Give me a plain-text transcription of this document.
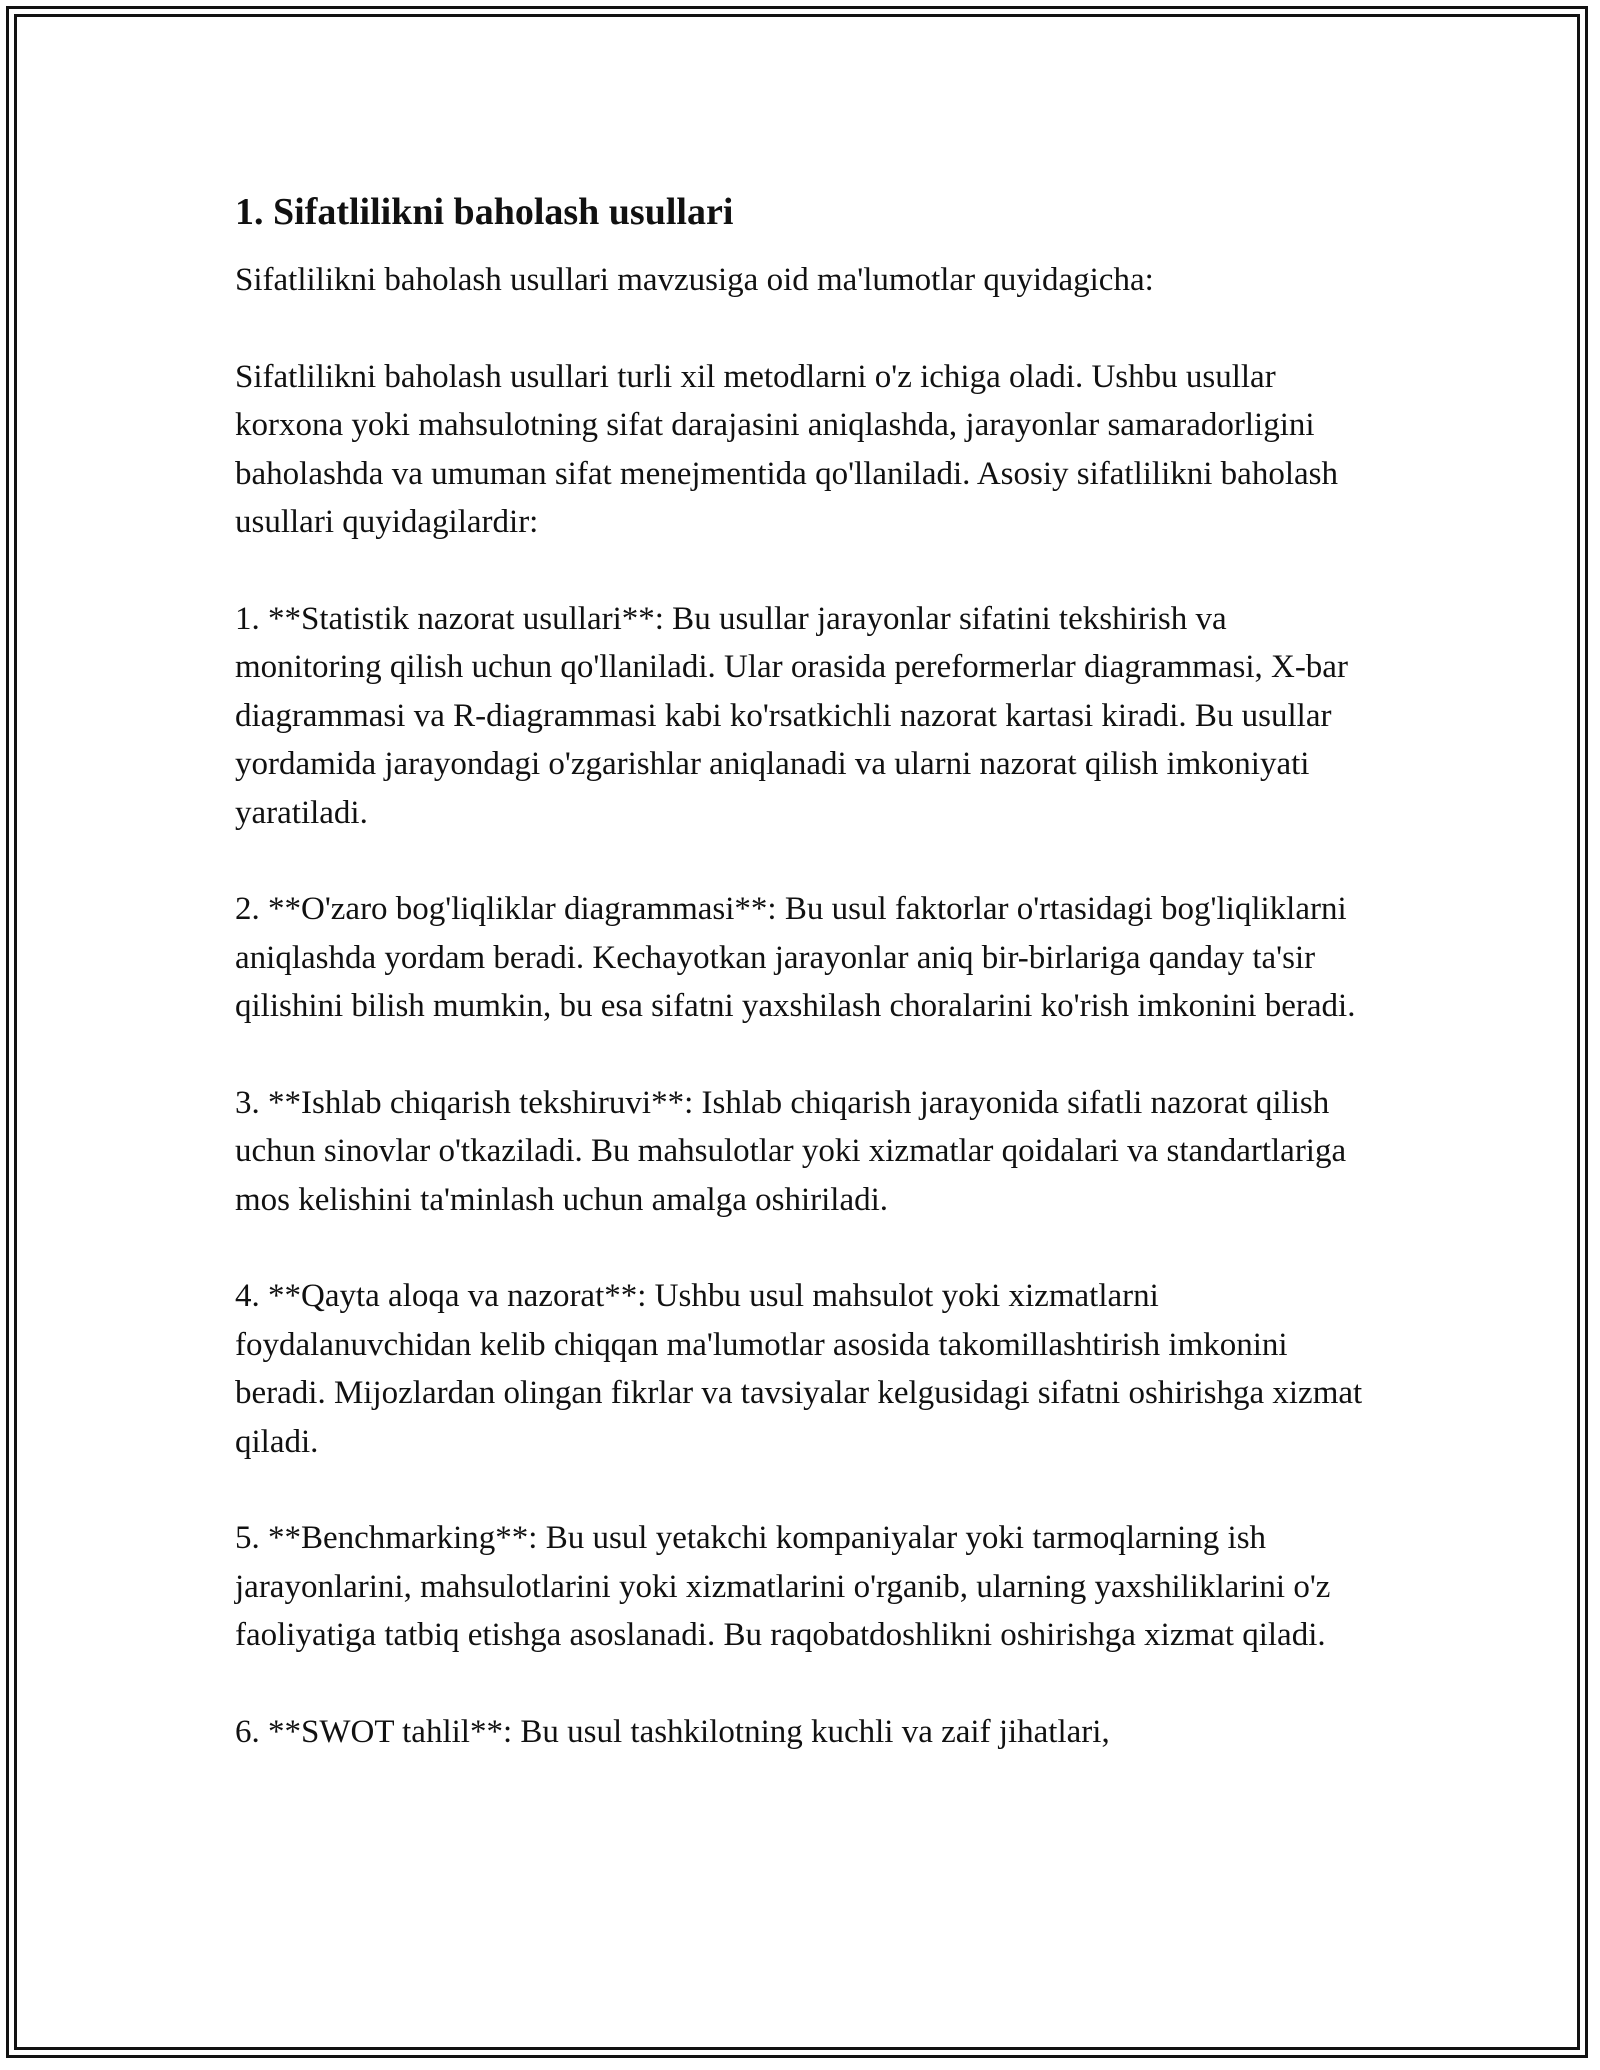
1. Sifatlilikni baholash usullari

Sifatlilikni baholash usullari mavzusiga oid ma'lumotlar quyidagicha:

Sifatlilikni baholash usullari turli xil metodlarni o'z ichiga oladi. Ushbu usullar korxona yoki mahsulotning sifat darajasini aniqlashda, jarayonlar samaradorligini baholashda va umuman sifat menejmentida qo'llaniladi. Asosiy sifatlilikni baholash usullari quyidagilardir:

1. **Statistik nazorat usullari**: Bu usullar jarayonlar sifatini tekshirish va monitoring qilish uchun qo'llaniladi. Ular orasida pereformerlar diagrammasi, X-bar diagrammasi va R-diagrammasi kabi ko'rsatkichli nazorat kartasi kiradi. Bu usullar yordamida jarayondagi o'zgarishlar aniqlanadi va ularni nazorat qilish imkoniyati yaratiladi.

2. **O'zaro bog'liqliklar diagrammasi**: Bu usul faktorlar o'rtasidagi bog'liqliklarni aniqlashda yordam beradi. Kechayotkan jarayonlar aniq bir-birlariga qanday ta'sir qilishini bilish mumkin, bu esa sifatni yaxshilash choralarini ko'rish imkonini beradi.

3. **Ishlab chiqarish tekshiruvi**: Ishlab chiqarish jarayonida sifatli nazorat qilish uchun sinovlar o'tkaziladi. Bu mahsulotlar yoki xizmatlar qoidalari va standartlariga mos kelishini ta'minlash uchun amalga oshiriladi.

4. **Qayta aloqa va nazorat**: Ushbu usul mahsulot yoki xizmatlarni foydalanuvchidan kelib chiqqan ma'lumotlar asosida takomillashtirish imkonini beradi. Mijozlardan olingan fikrlar va tavsiyalar kelgusidagi sifatni oshirishga xizmat qiladi.

5. **Benchmarking**: Bu usul yetakchi kompaniyalar yoki tarmoqlarning ish jarayonlarini, mahsulotlarini yoki xizmatlarini o'rganib, ularning yaxshiliklarini o'z faoliyatiga tatbiq etishga asoslanadi. Bu raqobatdoshlikni oshirishga xizmat qiladi.

6. **SWOT tahlil**: Bu usul tashkilotning kuchli va zaif jihatlari,
